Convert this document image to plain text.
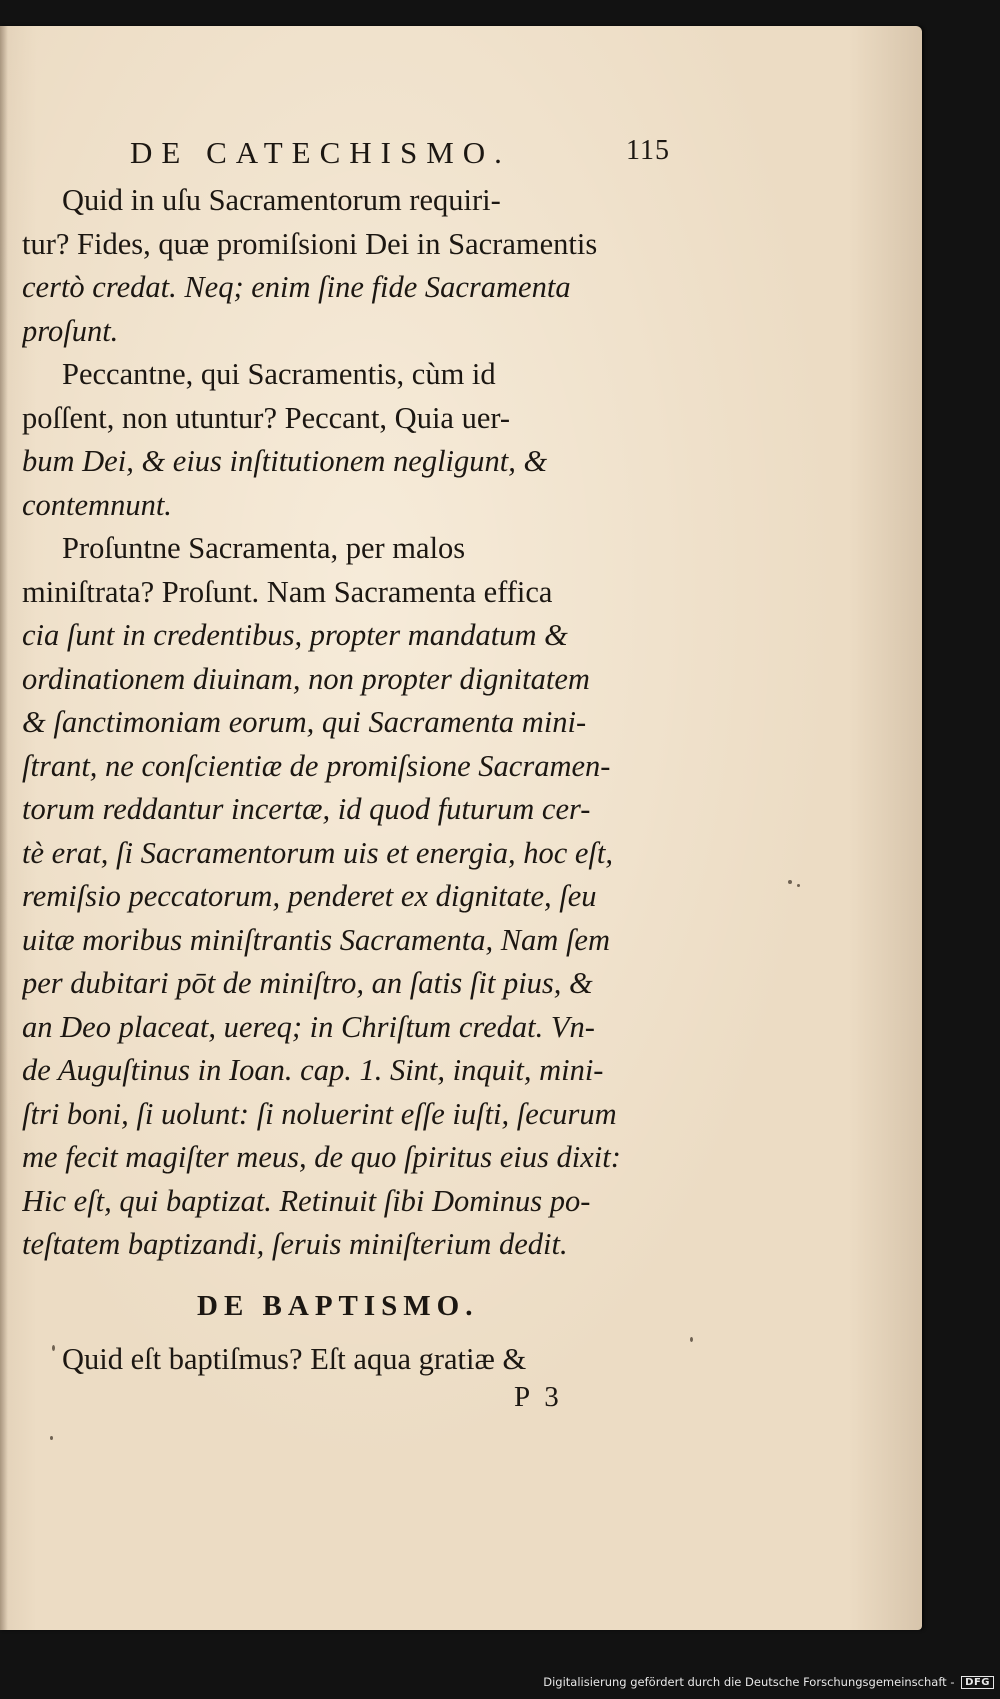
DE CATECHISMO.	115
Quid in uſu Sacramentorum requiri-
tur? Fides, quæ promiſsioni Dei in Sacramentis
certò credat. Neq; enim ſine fide Sacramenta
proſunt.
Peccantne, qui Sacramentis, cùm id
poſſent, non utuntur? Peccant, Quia uer-
bum Dei, & eius inſtitutionem negligunt, &
contemnunt.
Proſuntne Sacramenta, per malos
miniſtrata? Proſunt. Nam Sacramenta effica
cia ſunt in credentibus, propter mandatum &
ordinationem diuinam, non propter dignitatem
& ſanctimoniam eorum, qui Sacramenta mini-
ſtrant, ne conſcientiæ de promiſsione Sacramen-
torum reddantur incertæ, id quod futurum cer-
tè erat, ſi Sacramentorum uis et energia, hoc eſt,
remiſsio peccatorum, penderet ex dignitate, ſeu
uitæ moribus miniſtrantis Sacramenta, Nam ſem
per dubitari pōt de miniſtro, an ſatis ſit pius, &
an Deo placeat, uereq; in Chriſtum credat. Vn-
de Auguſtinus in Ioan. cap. 1. Sint, inquit, mini-
ſtri boni, ſi uolunt: ſi noluerint eſſe iuſti, ſecurum
me fecit magiſter meus, de quo ſpiritus eius dixit:
Hic eſt, qui baptizat. Retinuit ſibi Dominus po-
teſtatem baptizandi, ſeruis miniſterium dedit.
DE BAPTISMO.
Quid eſt baptiſmus? Eſt aqua gratiæ &
P 3
Digitalisierung gefördert durch die Deutsche Forschungsgemeinschaft - DFG
